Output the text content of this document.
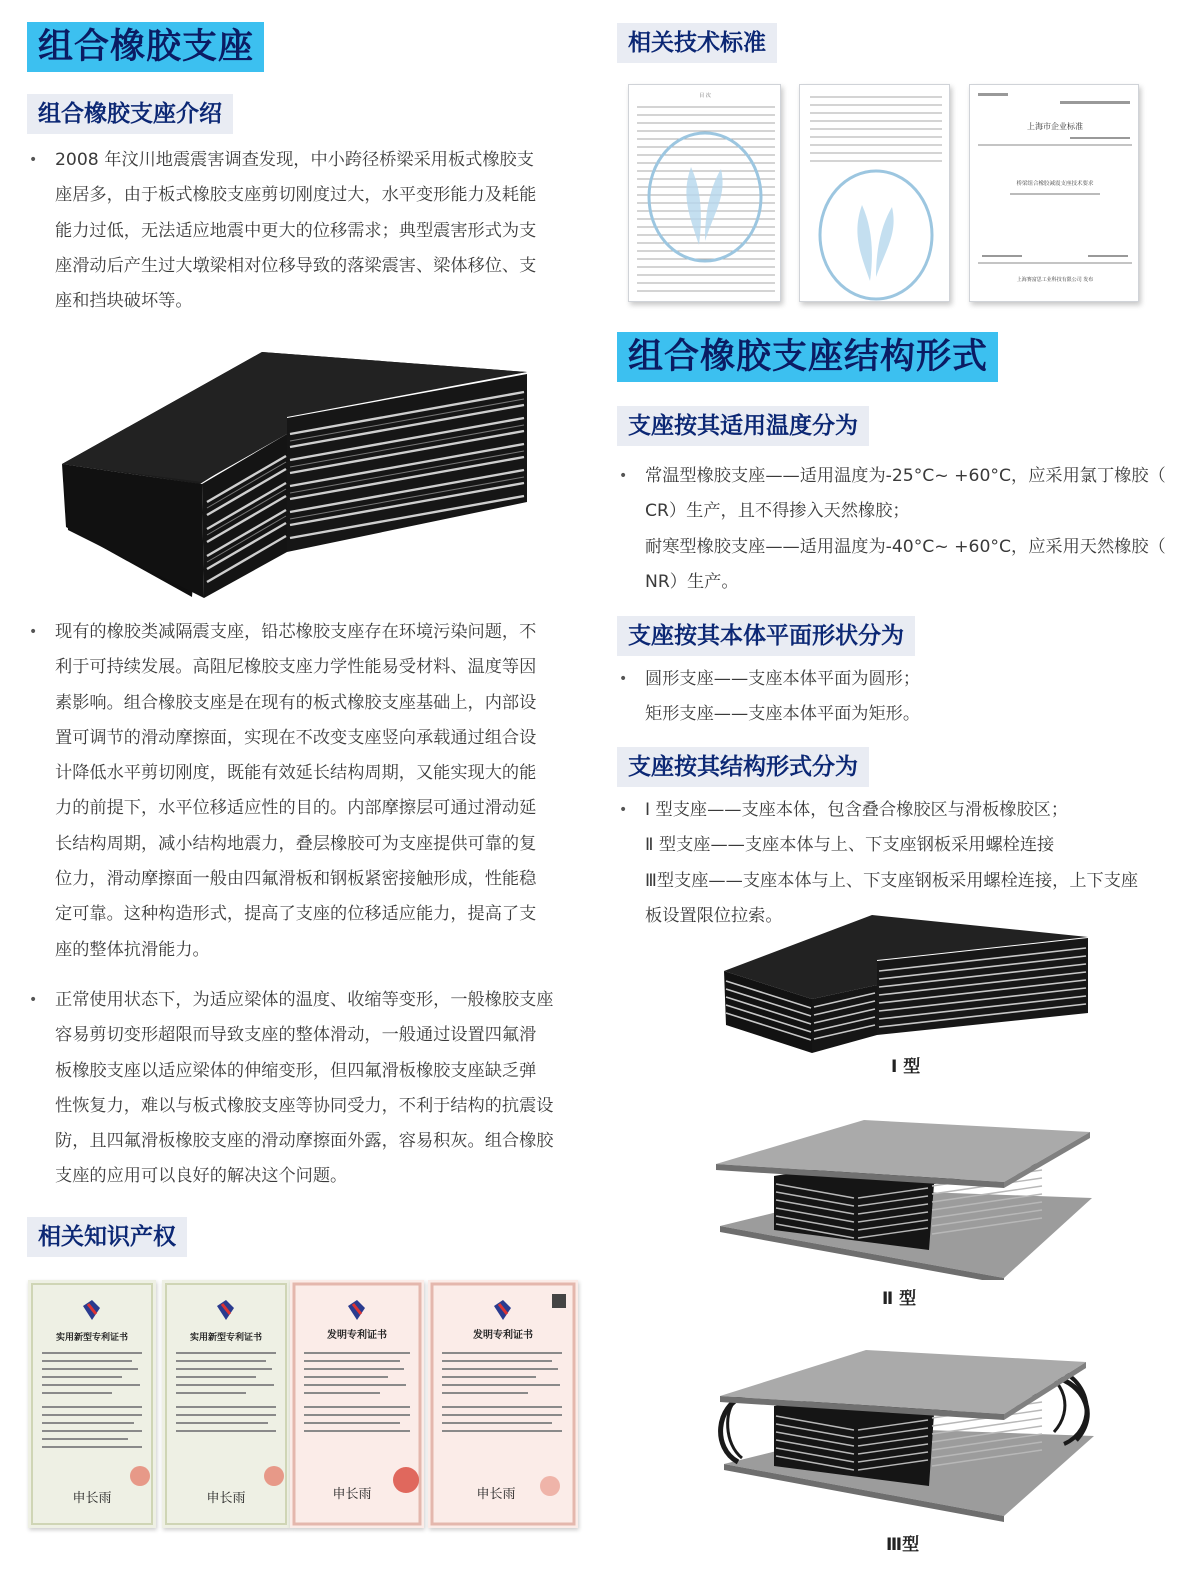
组合橡胶支座
组合橡胶支座介绍
•	2008 年汶川地震震害调查发现，中小跨径桥梁采用板式橡胶支

座居多，由于板式橡胶支座剪切刚度过大，水平变形能力及耗能

能力过低，无法适应地震中更大的位移需求；典型震害形式为支

座滑动后产生过大墩梁相对位移导致的落梁震害、梁体移位、支

座和挡块破坏等。

•	现有的橡胶类减隔震支座，铅芯橡胶支座存在环境污染问题，不

利于可持续发展。高阻尼橡胶支座力学性能易受材料、温度等因

素影响。组合橡胶支座是在现有的板式橡胶支座基础上，内部设

置可调节的滑动摩擦面，实现在不改变支座竖向承载通过组合设

计降低水平剪切刚度，既能有效延长结构周期，又能实现大的能

力的前提下，水平位移适应性的目的。内部摩擦层可通过滑动延

长结构周期，减小结构地震力，叠层橡胶可为支座提供可靠的复

位力，滑动摩擦面一般由四氟滑板和钢板紧密接触形成，性能稳

定可靠。这种构造形式，提高了支座的位移适应能力，提高了支

座的整体抗滑能力。

•	正常使用状态下，为适应梁体的温度、收缩等变形，一般橡胶支座

容易剪切变形超限而导致支座的整体滑动，一般通过设置四氟滑

板橡胶支座以适应梁体的伸缩变形，但四氟滑板橡胶支座缺乏弹

性恢复力，难以与板式橡胶支座等协同受力，不利于结构的抗震设

防，且四氟滑板橡胶支座的滑动摩擦面外露，容易积灰。组合橡胶

支座的应用可以良好的解决这个问题。

相关知识产权
实用新型专利证书
申长雨
实用新型专利证书
申长雨
发明专利证书
申长雨
发明专利证书
申长雨
相关技术标准
目 次
上海市企业标准
桥梁组合橡胶减震支座技术要求
上海赛富思工业科技有限公司 发布
组合橡胶支座结构形式
支座按其适用温度分为
•	常温型橡胶支座——适用温度为-25°C~ +60°C，应采用氯丁橡胶（

CR）生产，且不得掺入天然橡胶；

耐寒型橡胶支座——适用温度为-40°C~ +60°C，应采用天然橡胶（

NR）生产。

支座按其本体平面形状分为
•	圆形支座——支座本体平面为圆形；

矩形支座——支座本体平面为矩形。

支座按其结构形式分为
•	Ⅰ 型支座——支座本体，包含叠合橡胶区与滑板橡胶区；

Ⅱ 型支座——支座本体与上、下支座钢板采用螺栓连接

Ⅲ型支座——支座本体与上、下支座钢板采用螺栓连接，上下支座

板设置限位拉索。

Ⅰ 型
Ⅱ 型
Ⅲ型
